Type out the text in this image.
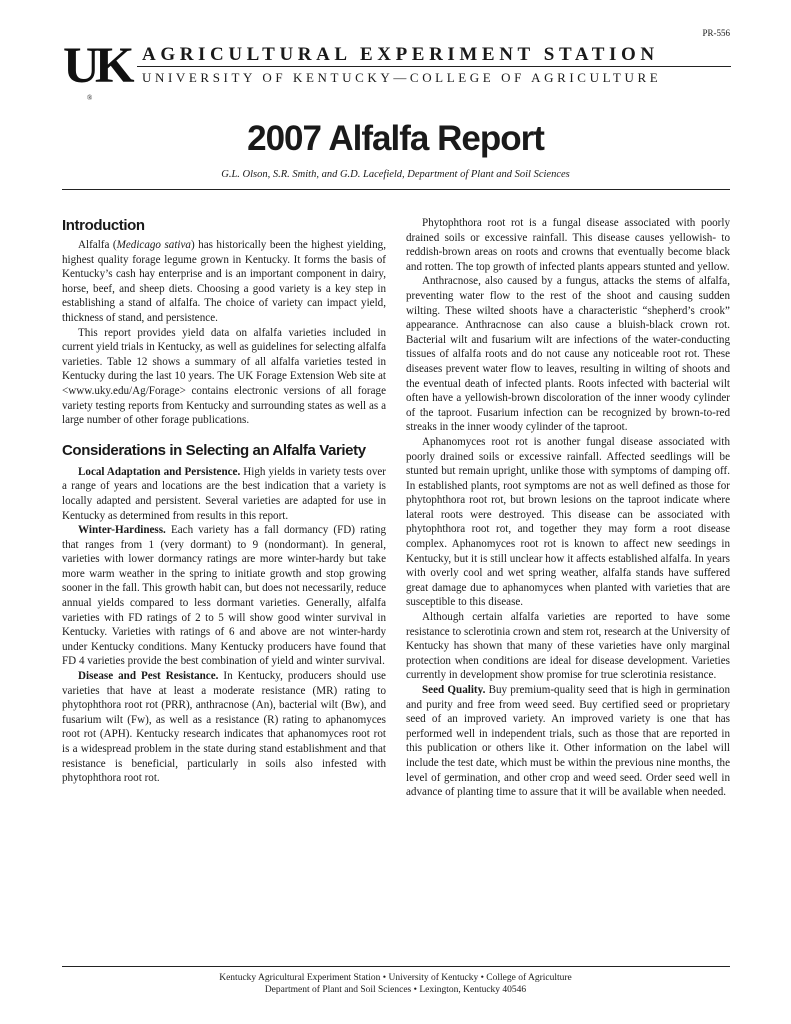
PR-556
UK
®
AGRICULTURAL EXPERIMENT STATION
UNIVERSITY OF KENTUCKY—COLLEGE OF AGRICULTURE
2007 Alfalfa Report
G.L. Olson, S.R. Smith, and G.D. Lacefield, Department of Plant and Soil Sciences
Introduction

Alfalfa (Medicago sativa) has historically been the highest yielding, highest quality forage legume grown in Kentucky. It forms the basis of Kentucky’s cash hay enterprise and is an important component in dairy, horse, beef, and sheep diets. Choosing a good variety is a key step in establishing a stand of alfalfa. The choice of variety can impact yield, thickness of stand, and persistence.

This report provides yield data on alfalfa varieties included in current yield trials in Kentucky, as well as guidelines for selecting alfalfa varieties. Table 12 shows a summary of all alfalfa varieties tested in Kentucky during the last 10 years. The UK Forage Extension Web site at <www.uky.edu/Ag/Forage> contains electronic versions of all forage variety testing reports from Kentucky and surrounding states as well as a large number of other forage publications.

Considerations in Selecting an Alfalfa Variety

Local Adaptation and Persistence. High yields in variety tests over a range of years and locations are the best indication that a variety is locally adapted and persistent. Several varieties are adapted for use in Kentucky as determined from results in this report.

Winter-Hardiness. Each variety has a fall dormancy (FD) rating that ranges from 1 (very dormant) to 9 (nondormant). In general, varieties with lower dormancy ratings are more winter-hardy but take more warm weather in the spring to initiate growth and stop growing sooner in the fall. This growth habit can, but does not necessarily, reduce annual yields compared to less dormant varieties. Generally, alfalfa varieties with FD ratings of 2 to 5 will show good winter survival in Kentucky. Varieties with ratings of 6 and above are not winter-hardy under Kentucky conditions. Many Kentucky producers have found that FD 4 varieties provide the best combination of yield and winter survival.

Disease and Pest Resistance. In Kentucky, producers should use varieties that have at least a moderate resistance (MR) rating to phytophthora root rot (PRR), anthracnose (An), bacterial wilt (Bw), and fusarium wilt (Fw), as well as a resistance (R) rating to aphanomyces root rot (APH). Kentucky research indicates that aphanomyces root rot is a widespread problem in the state during stand establishment and that resistance is beneficial, particularly in soils also infested with phytophthora root rot.

Phytophthora root rot is a fungal disease associated with poorly drained soils or excessive rainfall. This disease causes yellowish- to reddish-brown areas on roots and crowns that eventually become black and rotten. The top growth of infected plants appears stunted and yellow.

Anthracnose, also caused by a fungus, attacks the stems of alfalfa, preventing water flow to the rest of the shoot and causing sudden wilting. These wilted shoots have a characteristic “shepherd’s crook” appearance. Anthracnose can also cause a bluish-black crown rot. Bacterial wilt and fusarium wilt are infections of the water-conducting tissues of alfalfa roots and do not cause any noticeable root rot. These diseases prevent water flow to leaves, resulting in wilting of shoots and the eventual death of infected plants. Roots infected with bacterial wilt often have a yellowish-brown discoloration of the inner woody cylinder of the taproot. Fusarium infection can be recognized by brown-to-red streaks in the inner woody cylinder of the taproot.

Aphanomyces root rot is another fungal disease associated with poorly drained soils or excessive rainfall. Affected seedlings will be stunted but remain upright, unlike those with symptoms of damping off. In established plants, root symptoms are not as well defined as those for phytophthora root rot, but brown lesions on the taproot indicate where lateral roots were destroyed. This disease can be associated with phytophthora root rot, and together they may form a root disease complex. Aphanomyces root rot is known to affect new seedings in Kentucky, but it is still unclear how it affects established alfalfa. In years with overly cool and wet spring weather, alfalfa stands have suffered great damage due to aphanomyces when planted with varieties that are susceptible to this disease.

Although certain alfalfa varieties are reported to have some resistance to sclerotinia crown and stem rot, research at the University of Kentucky has shown that many of these varieties have only marginal protection when conditions are ideal for disease development. Varieties currently in development show promise for true sclerotinia resistance.

Seed Quality. Buy premium-quality seed that is high in germination and purity and free from weed seed. Buy certified seed or proprietary seed of an improved variety. An improved variety is one that has performed well in independent trials, such as those that are reported in this publication or others like it. Other information on the label will include the test date, which must be within the previous nine months, the level of germination, and other crop and weed seed. Order seed well in advance of planting time to assure that it will be available when needed.

Kentucky Agricultural Experiment Station • University of Kentucky • College of Agriculture
Department of Plant and Soil Sciences • Lexington, Kentucky 40546
